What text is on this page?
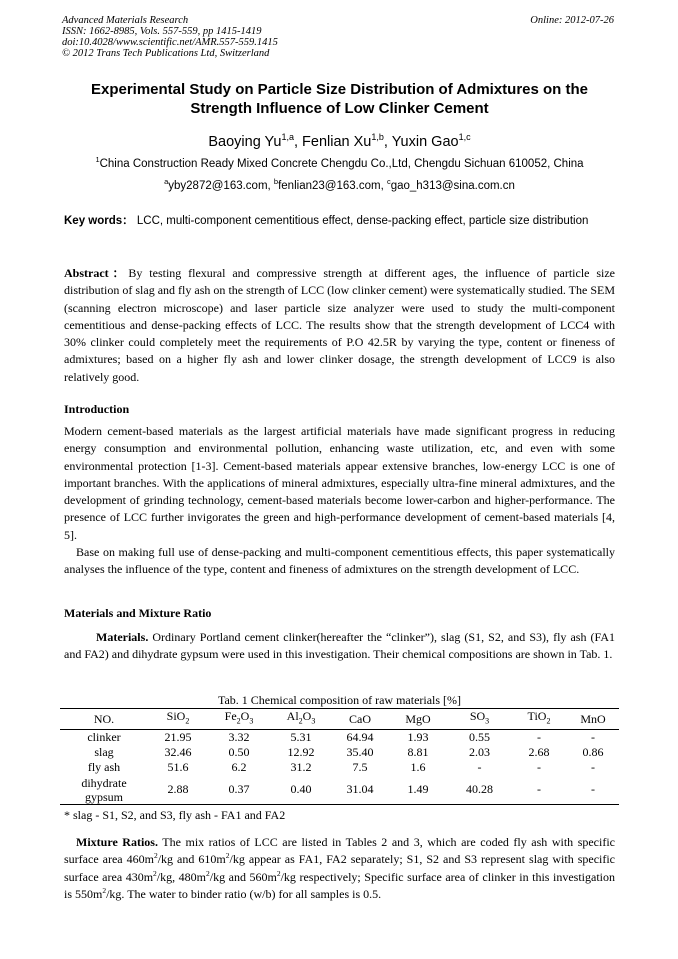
Advanced Materials Research
ISSN: 1662-8985, Vols. 557-559, pp 1415-1419
doi:10.4028/www.scientific.net/AMR.557-559.1415
© 2012 Trans Tech Publications Ltd, Switzerland
Online: 2012-07-26
Experimental Study on Particle Size Distribution of Admixtures on the Strength Influence of Low Clinker Cement
Baoying Yu$^{1,a}$, Fenlian Xu$^{1,b}$, Yuxin Gao$^{1,c}$
$^1$China Construction Ready Mixed Concrete Chengdu Co.,Ltd, Chengdu Sichuan 610052, China
$^a$yby2872@163.com, $^b$fenlian23@163.com, $^c$gao_h313@sina.com.cn
Key words： LCC, multi-component cementitious effect, dense-packing effect, particle size distribution

Abstract：By testing flexural and compressive strength at different ages, the influence of particle size distribution of slag and fly ash on the strength of LCC (low clinker cement) were systematically studied. The SEM (scanning electron microscope) and laser particle size analyzer were used to study the multi-component cementitious and dense-packing effects of LCC. The results show that the strength development of LCC4 with 30% clinker could completely meet the requirements of P.O 42.5R by varying the type, content or fineness of admixtures; based on a higher fly ash and lower clinker dosage, the strength development of LCC9 is also relatively good.

Introduction

Modern cement-based materials as the largest artificial materials have made significant progress in reducing energy consumption and environmental pollution, enhancing waste utilization, etc, and even with some environmental protection [1-3]. Cement-based materials appear extensive branches, low-energy LCC is one of important branches. With the applications of mineral admixtures, especially ultra-fine mineral admixtures, and the development of grinding technology, cement-based materials become lower-carbon and higher-performance. The presence of LCC further invigorates the green and high-performance development of cement-based materials [4, 5].

Base on making full use of dense-packing and multi-component cementitious effects, this paper systematically analyses the influence of the type, content and fineness of admixtures on the strength development of LCC.

Materials and Mixture Ratio

Materials. Ordinary Portland cement clinker(hereafter the “clinker”), slag (S1, S2, and S3), fly ash (FA1 and FA2) and dihydrate gypsum were used in this investigation. Their chemical compositions are shown in Tab. 1.

Tab. 1 Chemical composition of raw materials [%]
NO.	SiO$_2$	$Fe_2O_3$	$Al_2O_3$	CaO	MgO	$SO_3$	TiO$_2$	MnO
clinker	21.95	3.32	5.31	64.94	1.93	0.55	-	-
slag	32.46	0.50	12.92	35.40	8.81	2.03	2.68	0.86
fly ash	51.6	6.2	31.2	7.5	1.6	-	-	-

dihydrate
gypsum	2.88	0.37	0.40	31.04	1.49	40.28	-	-
* slag - S1, S2, and S3, fly ash - FA1 and FA2

Mixture Ratios. The mix ratios of LCC are listed in Tables 2 and 3, which are coded fly ash with specific surface area $460m^2/kg$ and $610m^2/kg$ appear as FA1, FA2 separately; S1, S2 and S3 represent slag with specific surface area $430m^2/kg$, $480m^2/kg$ and $560m^2/kg$ respectively; Specific surface area of clinker in this investigation is $550m^2/kg$. The water to binder ratio (w/b) for all samples is 0.5.
